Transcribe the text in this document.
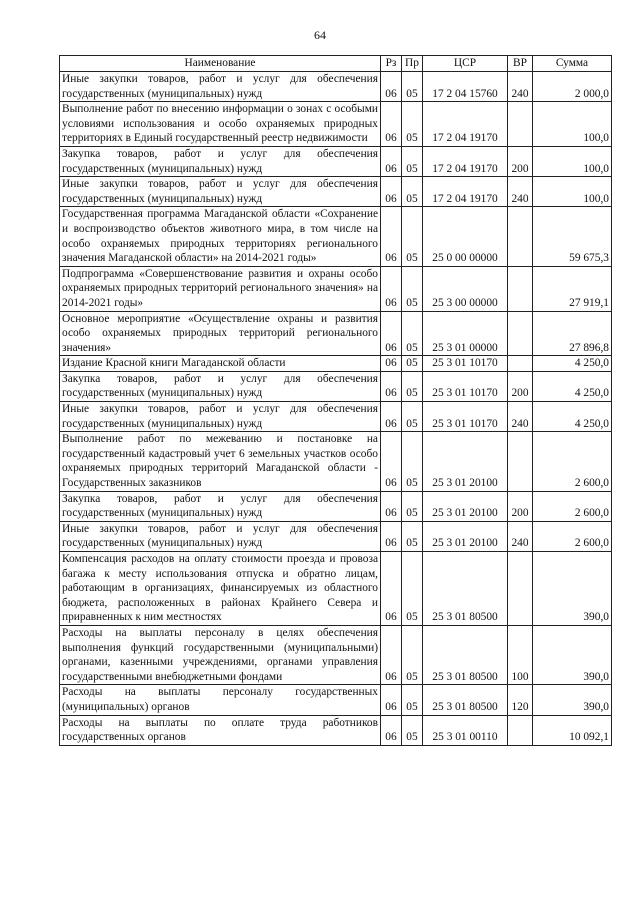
64
Наименование	Рз	Пр	ЦСР	ВР	Сумма
Иные закупки товаров, работ и услуг для обеспечения государственных (муниципальных) нужд	06	05	17 2 04 15760	240	2 000,0
Выполнение работ по внесению информации о зонах с особыми условиями использования и особо охраняемых природных территориях в Единый государственный реестр недвижимости	06	05	17 2 04 19170		100,0
Закупка товаров, работ и услуг для обеспечения государственных (муниципальных) нужд	06	05	17 2 04 19170	200	100,0
Иные закупки товаров, работ и услуг для обеспечения государственных (муниципальных) нужд	06	05	17 2 04 19170	240	100,0
Государственная программа Магаданской области «Сохранение и воспроизводство объектов животного мира, в том числе на особо охраняемых природных территориях регионального значения Магаданской области» на 2014-2021 годы»	06	05	25 0 00 00000		59 675,3
Подпрограмма «Совершенствование развития и охраны особо охраняемых природных территорий регионального значения» на 2014-2021 годы»	06	05	25 3 00 00000		27 919,1
Основное мероприятие «Осуществление охраны и развития особо охраняемых природных территорий регионального значения»	06	05	25 3 01 00000		27 896,8
Издание Красной книги Магаданской области	06	05	25 3 01 10170		4 250,0
Закупка товаров, работ и услуг для обеспечения государственных (муниципальных) нужд	06	05	25 3 01 10170	200	4 250,0
Иные закупки товаров, работ и услуг для обеспечения государственных (муниципальных) нужд	06	05	25 3 01 10170	240	4 250,0
Выполнение работ по межеванию и постановке на государственный кадастровый учет 6 земельных участков особо охраняемых природных территорий Магаданской области - Государственных заказников	06	05	25 3 01 20100		2 600,0
Закупка товаров, работ и услуг для обеспечения государственных (муниципальных) нужд	06	05	25 3 01 20100	200	2 600,0
Иные закупки товаров, работ и услуг для обеспечения государственных (муниципальных) нужд	06	05	25 3 01 20100	240	2 600,0
Компенсация расходов на оплату стоимости проезда и провоза багажа к месту использования отпуска и обратно лицам, работающим в организациях, финансируемых из областного бюджета, расположенных в районах Крайнего Севера и приравненных к ним местностях	06	05	25 3 01 80500		390,0
Расходы на выплаты персоналу в целях обеспечения выполнения функций государственными (муниципальными) органами, казенными учреждениями, органами управления государственными внебюджетными фондами	06	05	25 3 01 80500	100	390,0
Расходы на выплаты персоналу государственных (муниципальных) органов	06	05	25 3 01 80500	120	390,0
Расходы на выплаты по оплате труда работников государственных органов	06	05	25 3 01 00110		10 092,1
